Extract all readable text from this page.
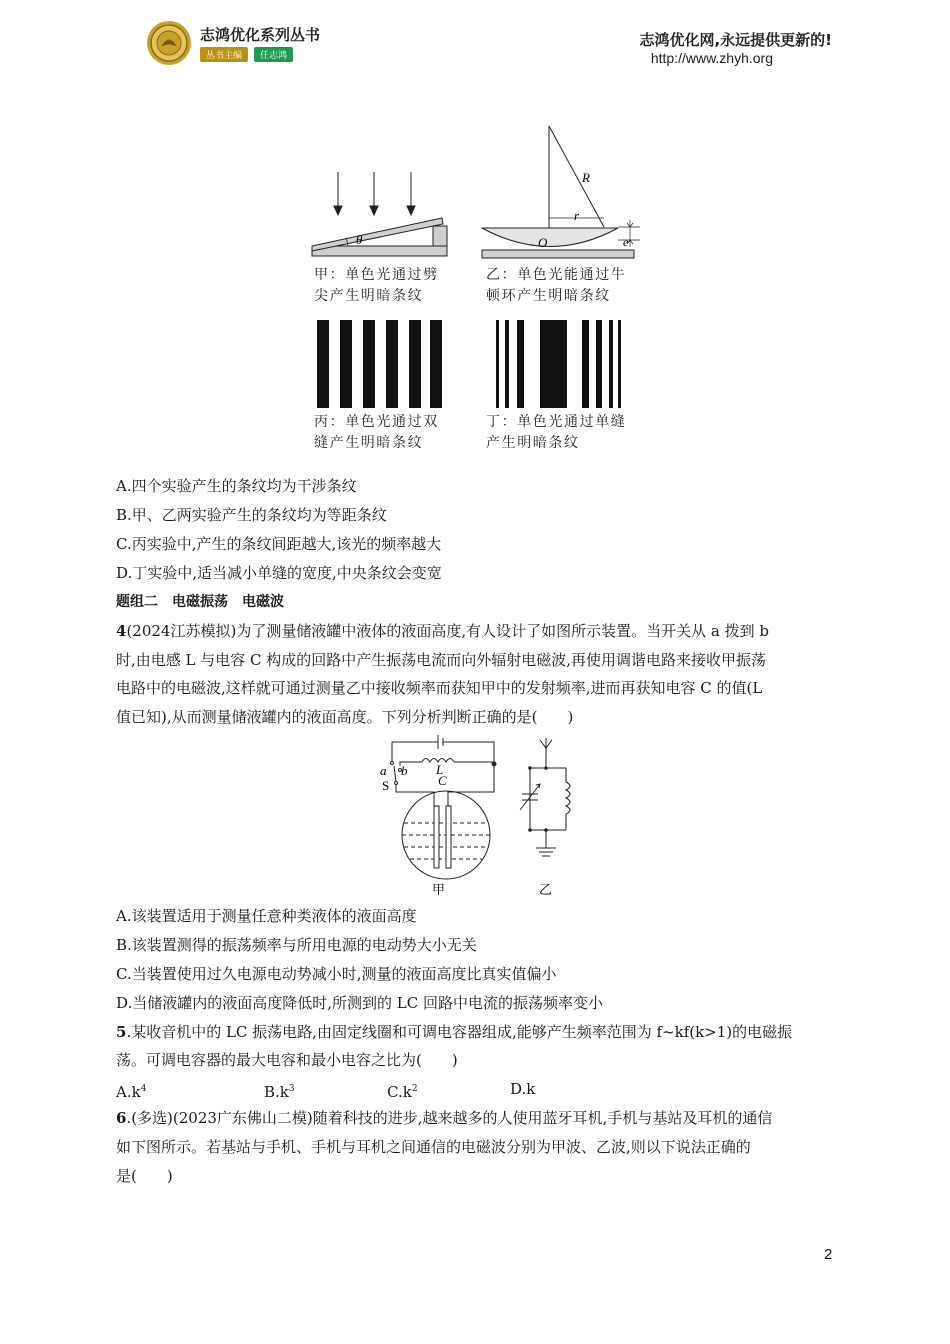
志鸿优化系列丛书
丛书主编	任志鸿
志鸿优化网,永远提供更新的!
http://www.zhyh.org
θ
R
r
O	e
甲：单色光通过劈
尖产生明暗条纹
乙：单色光能通过牛
顿环产生明暗条纹
丙：单色光通过双
缝产生明暗条纹
丁：单色光通过单缝
产生明暗条纹
A.四个实验产生的条纹均为干涉条纹
B.甲、乙两实验产生的条纹均为等距条纹
C.丙实验中,产生的条纹间距越大,该光的频率越大
D.丁实验中,适当减小单缝的宽度,中央条纹会变宽
题组二　电磁振荡　电磁波
4(2024江苏模拟)为了测量储液罐中液体的液面高度,有人设计了如图所示装置。当开关从 a 拨到 b
时,由电感 L 与电容 C 构成的回路中产生振荡电流而向外辐射电磁波,再使用调谐电路来接收甲振荡
电路中的电磁波,这样就可通过测量乙中接收频率而获知甲中的发射频率,进而再获知电容 C 的值(L
值已知),从而测量储液罐内的液面高度。下列分析判断正确的是(　　)
a b L
C
S
甲	乙
A.该装置适用于测量任意种类液体的液面高度
B.该装置测得的振荡频率与所用电源的电动势大小无关
C.当装置使用过久电源电动势减小时,测量的液面高度比真实值偏小
D.当储液罐内的液面高度降低时,所测到的 LC 回路中电流的振荡频率变小
5.某收音机中的 LC 振荡电路,由固定线圈和可调电容器组成,能够产生频率范围为 f~kf(k>1)的电磁振
荡。可调电容器的最大电容和最小电容之比为(　　)
$A.k^4$	$B.k^3$	$C.k^2$	D.k
6.(多选)(2023广东佛山二模)随着科技的进步,越来越多的人使用蓝牙耳机,手机与基站及耳机的通信
如下图所示。若基站与手机、手机与耳机之间通信的电磁波分别为甲波、乙波,则以下说法正确的
是(　　)
2
